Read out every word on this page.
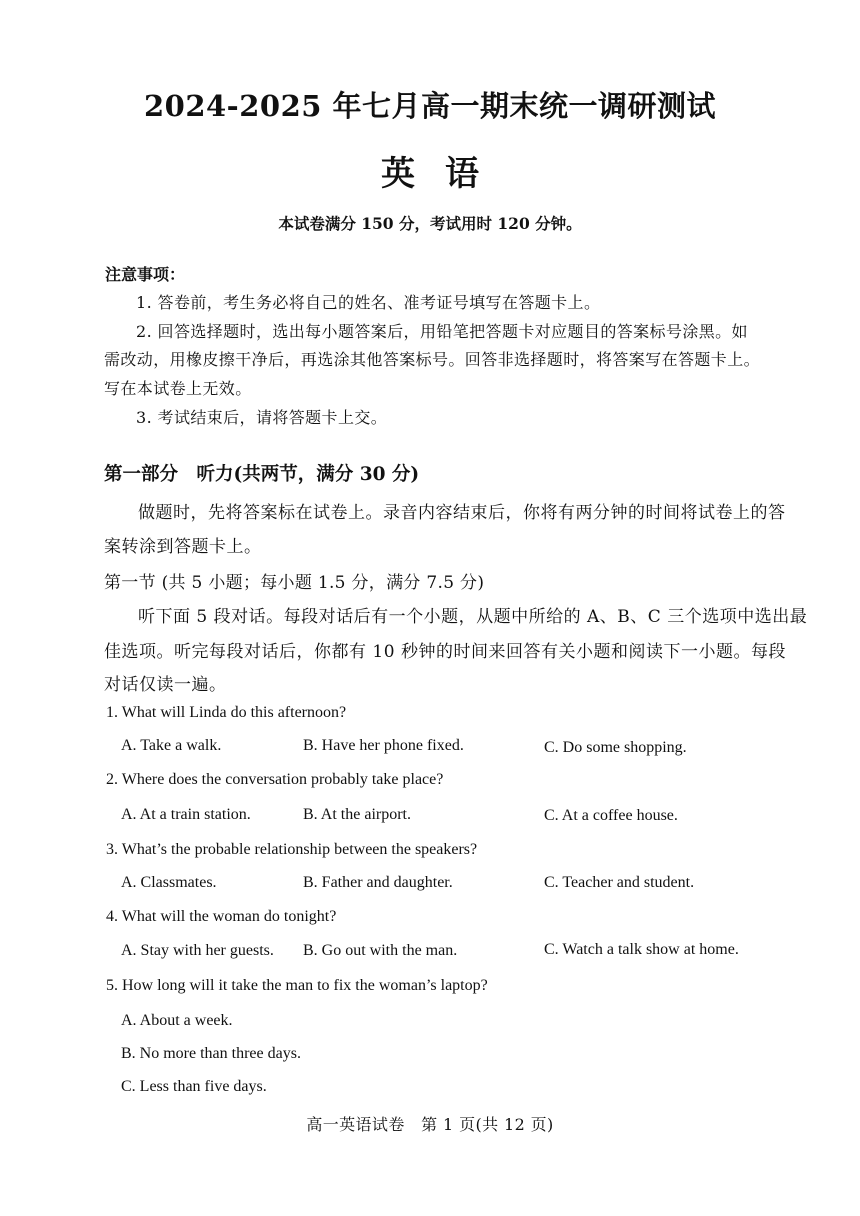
2024-2025 年七月高一期末统一调研测试
英语
本试卷满分 150 分，考试用时 120 分钟。
注意事项：
1. 答卷前，考生务必将自己的姓名、准考证号填写在答题卡上。
2. 回答选择题时，选出每小题答案后，用铅笔把答题卡对应题目的答案标号涂黑。如
需改动，用橡皮擦干净后，再选涂其他答案标号。回答非选择题时，将答案写在答题卡上。
写在本试卷上无效。
3. 考试结束后，请将答题卡上交。
第一部分　听力(共两节，满分 30 分)
做题时，先将答案标在试卷上。录音内容结束后，你将有两分钟的时间将试卷上的答
案转涂到答题卡上。
第一节 (共 5 小题；每小题 1.5 分，满分 7.5 分)
听下面 5 段对话。每段对话后有一个小题，从题中所给的 A、B、C 三个选项中选出最
佳选项。听完每段对话后，你都有 10 秒钟的时间来回答有关小题和阅读下一小题。每段
对话仅读一遍。
1. What will Linda do this afternoon?
A. Take a walk.	B. Have her phone fixed.	C. Do some shopping.
2. Where does the conversation probably take place?
A. At a train station.	B. At the airport.	C. At a coffee house.
3. What’s the probable relationship between the speakers?
A. Classmates.	B. Father and daughter.	C. Teacher and student.
4. What will the woman do tonight?
A. Stay with her guests. B. Go out with the man.	C. Watch a talk show at home.
5. How long will it take the man to fix the woman’s laptop?
A. About a week.
B. No more than three days.
C. Less than five days.
高一英语试卷　第 1 页(共 12 页)
